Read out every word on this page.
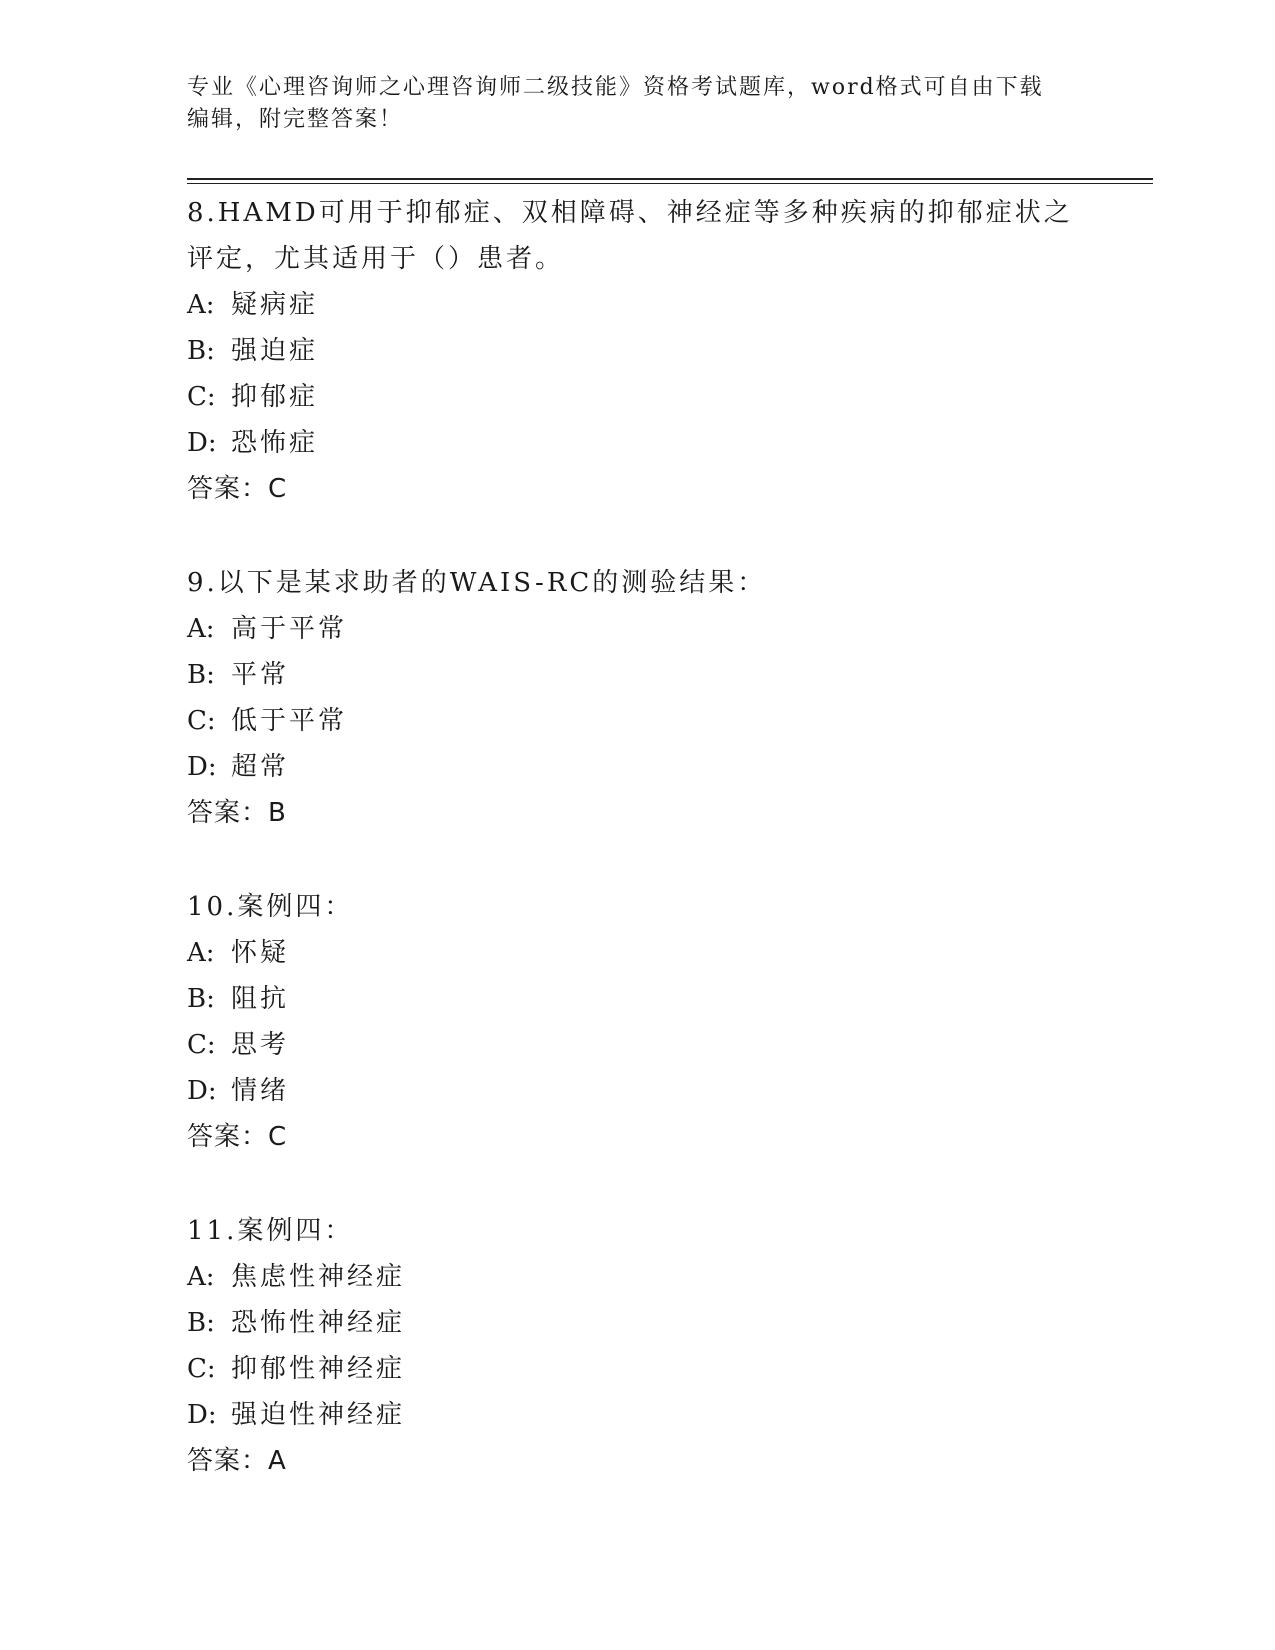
专业《心理咨询师之心理咨询师二级技能》资格考试题库，word格式可自由下载编辑，附完整答案！

8.HAMD可用于抑郁症、双相障碍、神经症等多种疾病的抑郁症状之评定，尤其适用于（）患者。

A: 疑病症
B: 强迫症
C: 抑郁症
D: 恐怖症

答案：C

9.以下是某求助者的WAIS-RC的测验结果：

A: 高于平常
B: 平常
C: 低于平常
D: 超常

答案：B

10.案例四：

A: 怀疑
B: 阻抗
C: 思考
D: 情绪

答案：C

11.案例四：

A: 焦虑性神经症
B: 恐怖性神经症
C: 抑郁性神经症
D: 强迫性神经症

答案：A
